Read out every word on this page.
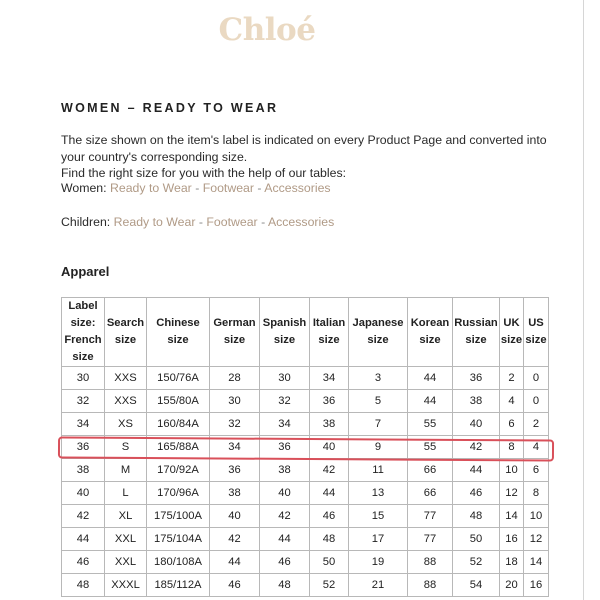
Chloé
WOMEN – READY TO WEAR

The size shown on the item's label is indicated on every Product Page and converted into your country's corresponding size.

Find the right size for you with the help of our tables:

Women: Ready to Wear - Footwear - Accessories
Children: Ready to Wear - Footwear - Accessories
Apparel
Label size: French size	Search size	Chinese size	German size	Spanish size	Italian size	Japanese size	Korean size	Russian size	UK size	US size
30	XXS	150/76A	28	30	34	3	44	36	2	0
32	XXS	155/80A	30	32	36	5	44	38	4	0
34	XS	160/84A	32	34	38	7	55	40	6	2
36	S	165/88A	34	36	40	9	55	42	8	4
38	M	170/92A	36	38	42	11	66	44	10	6
40	L	170/96A	38	40	44	13	66	46	12	8
42	XL	175/100A	40	42	46	15	77	48	14	10
44	XXL	175/104A	42	44	48	17	77	50	16	12
46	XXL	180/108A	44	46	50	19	88	52	18	14
48	XXXL	185/112A	46	48	52	21	88	54	20	16
